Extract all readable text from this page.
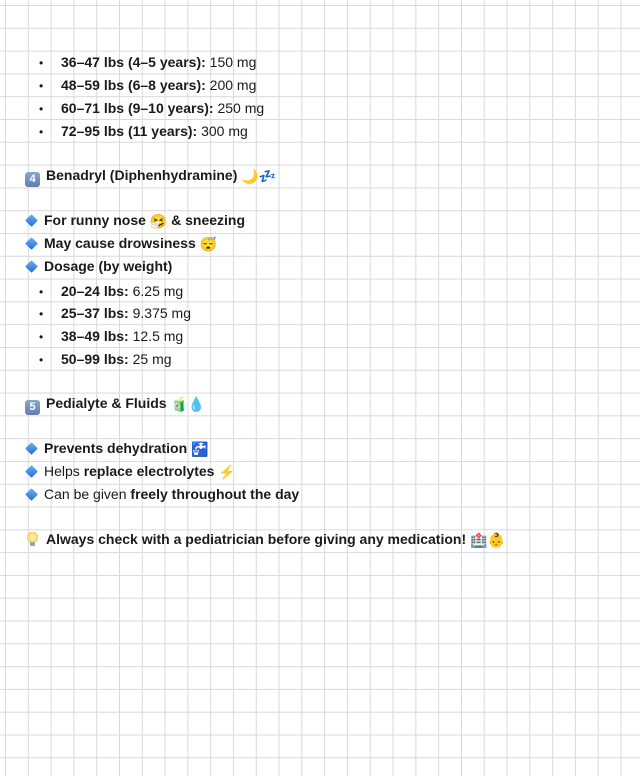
• 36–47 lbs (4–5 years): 150 mg
• 48–59 lbs (6–8 years): 200 mg
• 60–71 lbs (9–10 years): 250 mg
• 72–95 lbs (11 years): 300 mg
4 Benadryl (Diphenhydramine) 🌙💤
For runny nose 🤧 & sneezing
May cause drowsiness 😴
Dosage (by weight)
• 20–24 lbs: 6.25 mg
• 25–37 lbs: 9.375 mg
• 38–49 lbs: 12.5 mg
• 50–99 lbs: 25 mg
5 Pedialyte & Fluids 🧃💧
Prevents dehydration 🚰
Helps replace electrolytes ⚡
Can be given freely throughout the day
Always check with a pediatrician before giving any medication! 🏥👶
